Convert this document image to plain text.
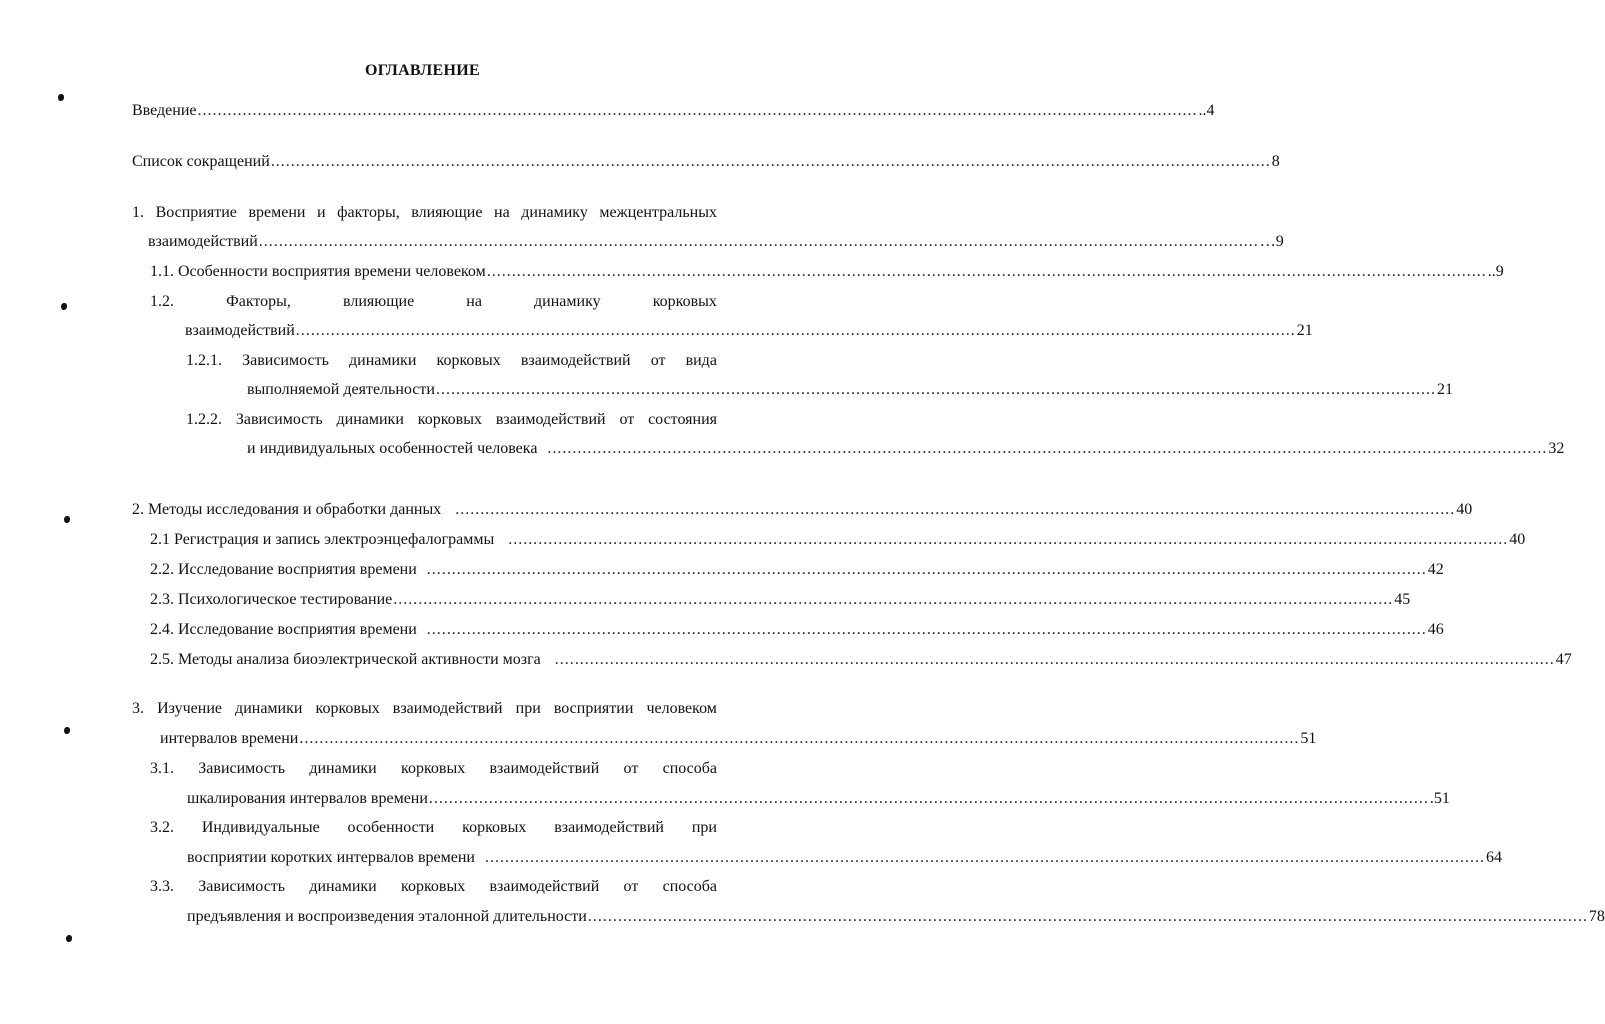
ОГЛАВЛЕНИЕ
Введение ........................................................................................................................................................................................................ ..4
Список сокращений ........................................................................................................................................................................................................ 8
1. Восприятие времени и факторы, влияющие на динамику межцентральных
взаимодействий ........................................................................................................................................................................................................ …9
1.1. Особенности восприятия времени человеком ........................................................................................................................................................................................................ ..9
1.2.	Факторы,	влияющие	на	динамику	корковых
взаимодействий ........................................................................................................................................................................................................ 21
1.2.1. Зависимость динамики корковых взаимодействий от вида
выполняемой деятельности ........................................................................................................................................................................................................ 21
1.2.2. Зависимость динамики корковых взаимодействий от состояния
и индивидуальных особенностей человека ........................................................................................................................................................................................................ 32
2. Методы исследования и обработки данных ........................................................................................................................................................................................................ 40
2.1 Регистрация и запись электроэнцефалограммы ........................................................................................................................................................................................................ 40
2.2. Исследование восприятия времени ........................................................................................................................................................................................................ 42
2.3. Психологическое тестирование ........................................................................................................................................................................................................ 45
2.4. Исследование восприятия времени ........................................................................................................................................................................................................ 46
2.5. Методы анализа биоэлектрической активности мозга ........................................................................................................................................................................................................ 47
3. Изучение динамики корковых взаимодействий при восприятии человеком
интервалов времени ........................................................................................................................................................................................................ 51
3.1. Зависимость динамики корковых взаимодействий от способа
шкалирования интервалов времени ........................................................................................................................................................................................................ .51
3.2. Индивидуальные особенности корковых взаимодействий при
восприятии коротких интервалов времени ........................................................................................................................................................................................................ 64
3.3. Зависимость динамики корковых взаимодействий от способа
предъявления и воспроизведения эталонной длительности ........................................................................................................................................................................................................ 78
